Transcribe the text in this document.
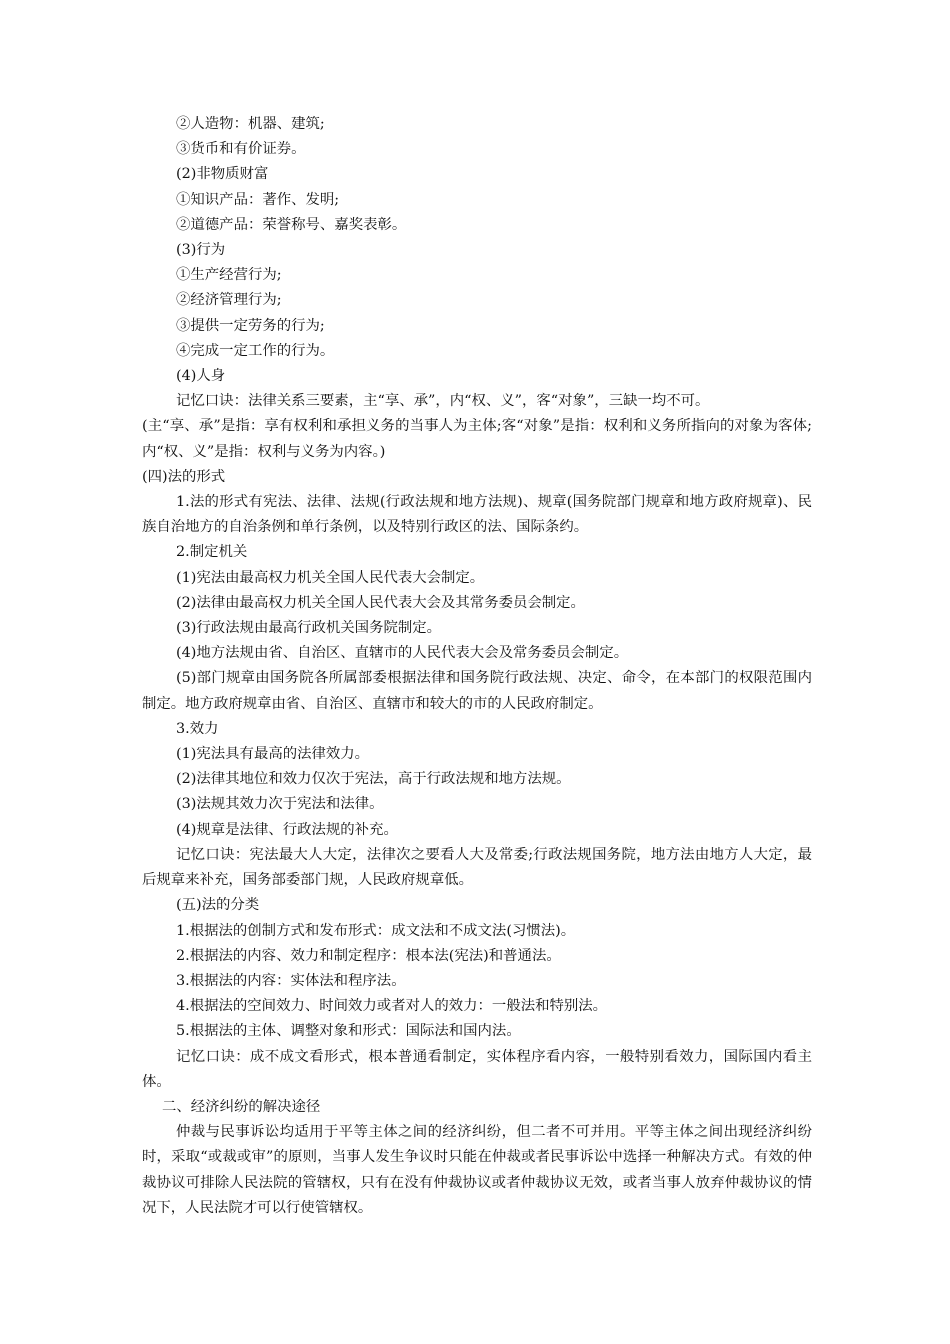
②人造物：机器、建筑;

③货币和有价证券。

(2)非物质财富

①知识产品：著作、发明;

②道德产品：荣誉称号、嘉奖表彰。

(3)行为

①生产经营行为;

②经济管理行为;

③提供一定劳务的行为;

④完成一定工作的行为。

(4)人身

记忆口诀：法律关系三要素，主“享、承”，内“权、义”，客“对象”，三缺一均不可。

(主“享、承”是指：享有权利和承担义务的当事人为主体;客“对象”是指：权利和义务所指向的对象为客体;内“权、义”是指：权利与义务为内容。)

(四)法的形式

1.法的形式有宪法、法律、法规(行政法规和地方法规)、规章(国务院部门规章和地方政府规章)、民族自治地方的自治条例和单行条例，以及特别行政区的法、国际条约。

2.制定机关

(1)宪法由最高权力机关全国人民代表大会制定。

(2)法律由最高权力机关全国人民代表大会及其常务委员会制定。

(3)行政法规由最高行政机关国务院制定。

(4)地方法规由省、自治区、直辖市的人民代表大会及常务委员会制定。

(5)部门规章由国务院各所属部委根据法律和国务院行政法规、决定、命令，在本部门的权限范围内制定。地方政府规章由省、自治区、直辖市和较大的市的人民政府制定。

3.效力

(1)宪法具有最高的法律效力。

(2)法律其地位和效力仅次于宪法，高于行政法规和地方法规。

(3)法规其效力次于宪法和法律。

(4)规章是法律、行政法规的补充。

记忆口诀：宪法最大人大定，法律次之要看人大及常委;行政法规国务院，地方法由地方人大定，最后规章来补充，国务部委部门规，人民政府规章低。

(五)法的分类

1.根据法的创制方式和发布形式：成文法和不成文法(习惯法)。

2.根据法的内容、效力和制定程序：根本法(宪法)和普通法。

3.根据法的内容：实体法和程序法。

4.根据法的空间效力、时间效力或者对人的效力：一般法和特别法。

5.根据法的主体、调整对象和形式：国际法和国内法。

记忆口诀：成不成文看形式，根本普通看制定，实体程序看内容，一般特别看效力，国际国内看主体。

二、经济纠纷的解决途径

仲裁与民事诉讼均适用于平等主体之间的经济纠纷，但二者不可并用。平等主体之间出现经济纠纷时，采取“或裁或审”的原则，当事人发生争议时只能在仲裁或者民事诉讼中选择一种解决方式。有效的仲裁协议可排除人民法院的管辖权，只有在没有仲裁协议或者仲裁协议无效，或者当事人放弃仲裁协议的情况下，人民法院才可以行使管辖权。
